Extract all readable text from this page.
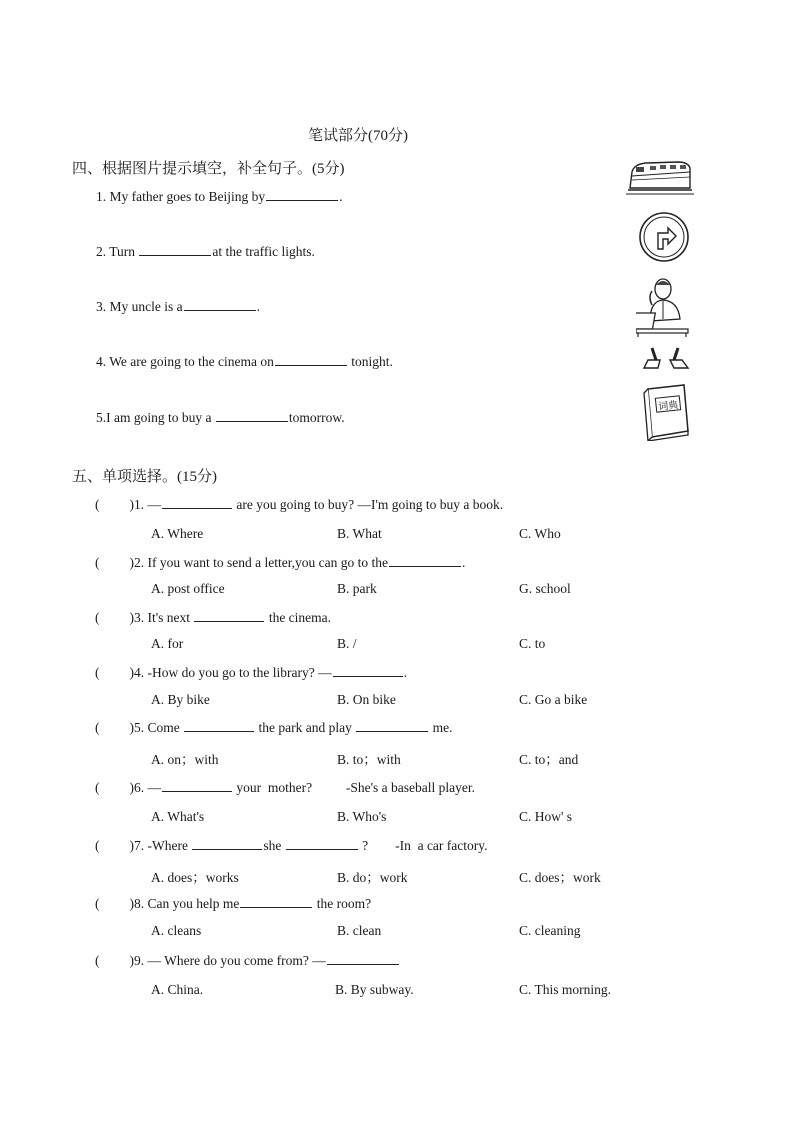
笔试部分(70分)
四、根据图片提示填空，补全句子。(5分)
1. My father goes to Beijing by	.
2. Turn	at the traffic lights.
3. My uncle is a	.
4. We are going to the cinema on	tonight.
5.I am going to buy a	tomorrow.
词典
五、单项选择。(15分)
( )1. —	are you going to buy? —I'm going to buy a book.
A. Where	B. What	C. Who
( )2. If you want to send a letter,you can go to the	.
A. post office	B. park	G. school
( )3. It's next	the cinema.
A. for	B. /	C. to
( )4. -How do you go to the library? —	.
A. By bike	B. On bike	C. Go a bike
( )5. Come	the park and play	me.
A. on；with	B. to；with	C. to；and
( )6. —	your  mother?          -She's a baseball player.
A. What's	B. Who's	C. How' s
( )7. -Where	she	?        -In  a car factory.
A. does；works	B. do；work	C. does；work
( )8. Can you help me	the room?
A. cleans	B. clean	C. cleaning
( )9. — Where do you come from? —
A. China.	B. By subway.	C. This morning.
